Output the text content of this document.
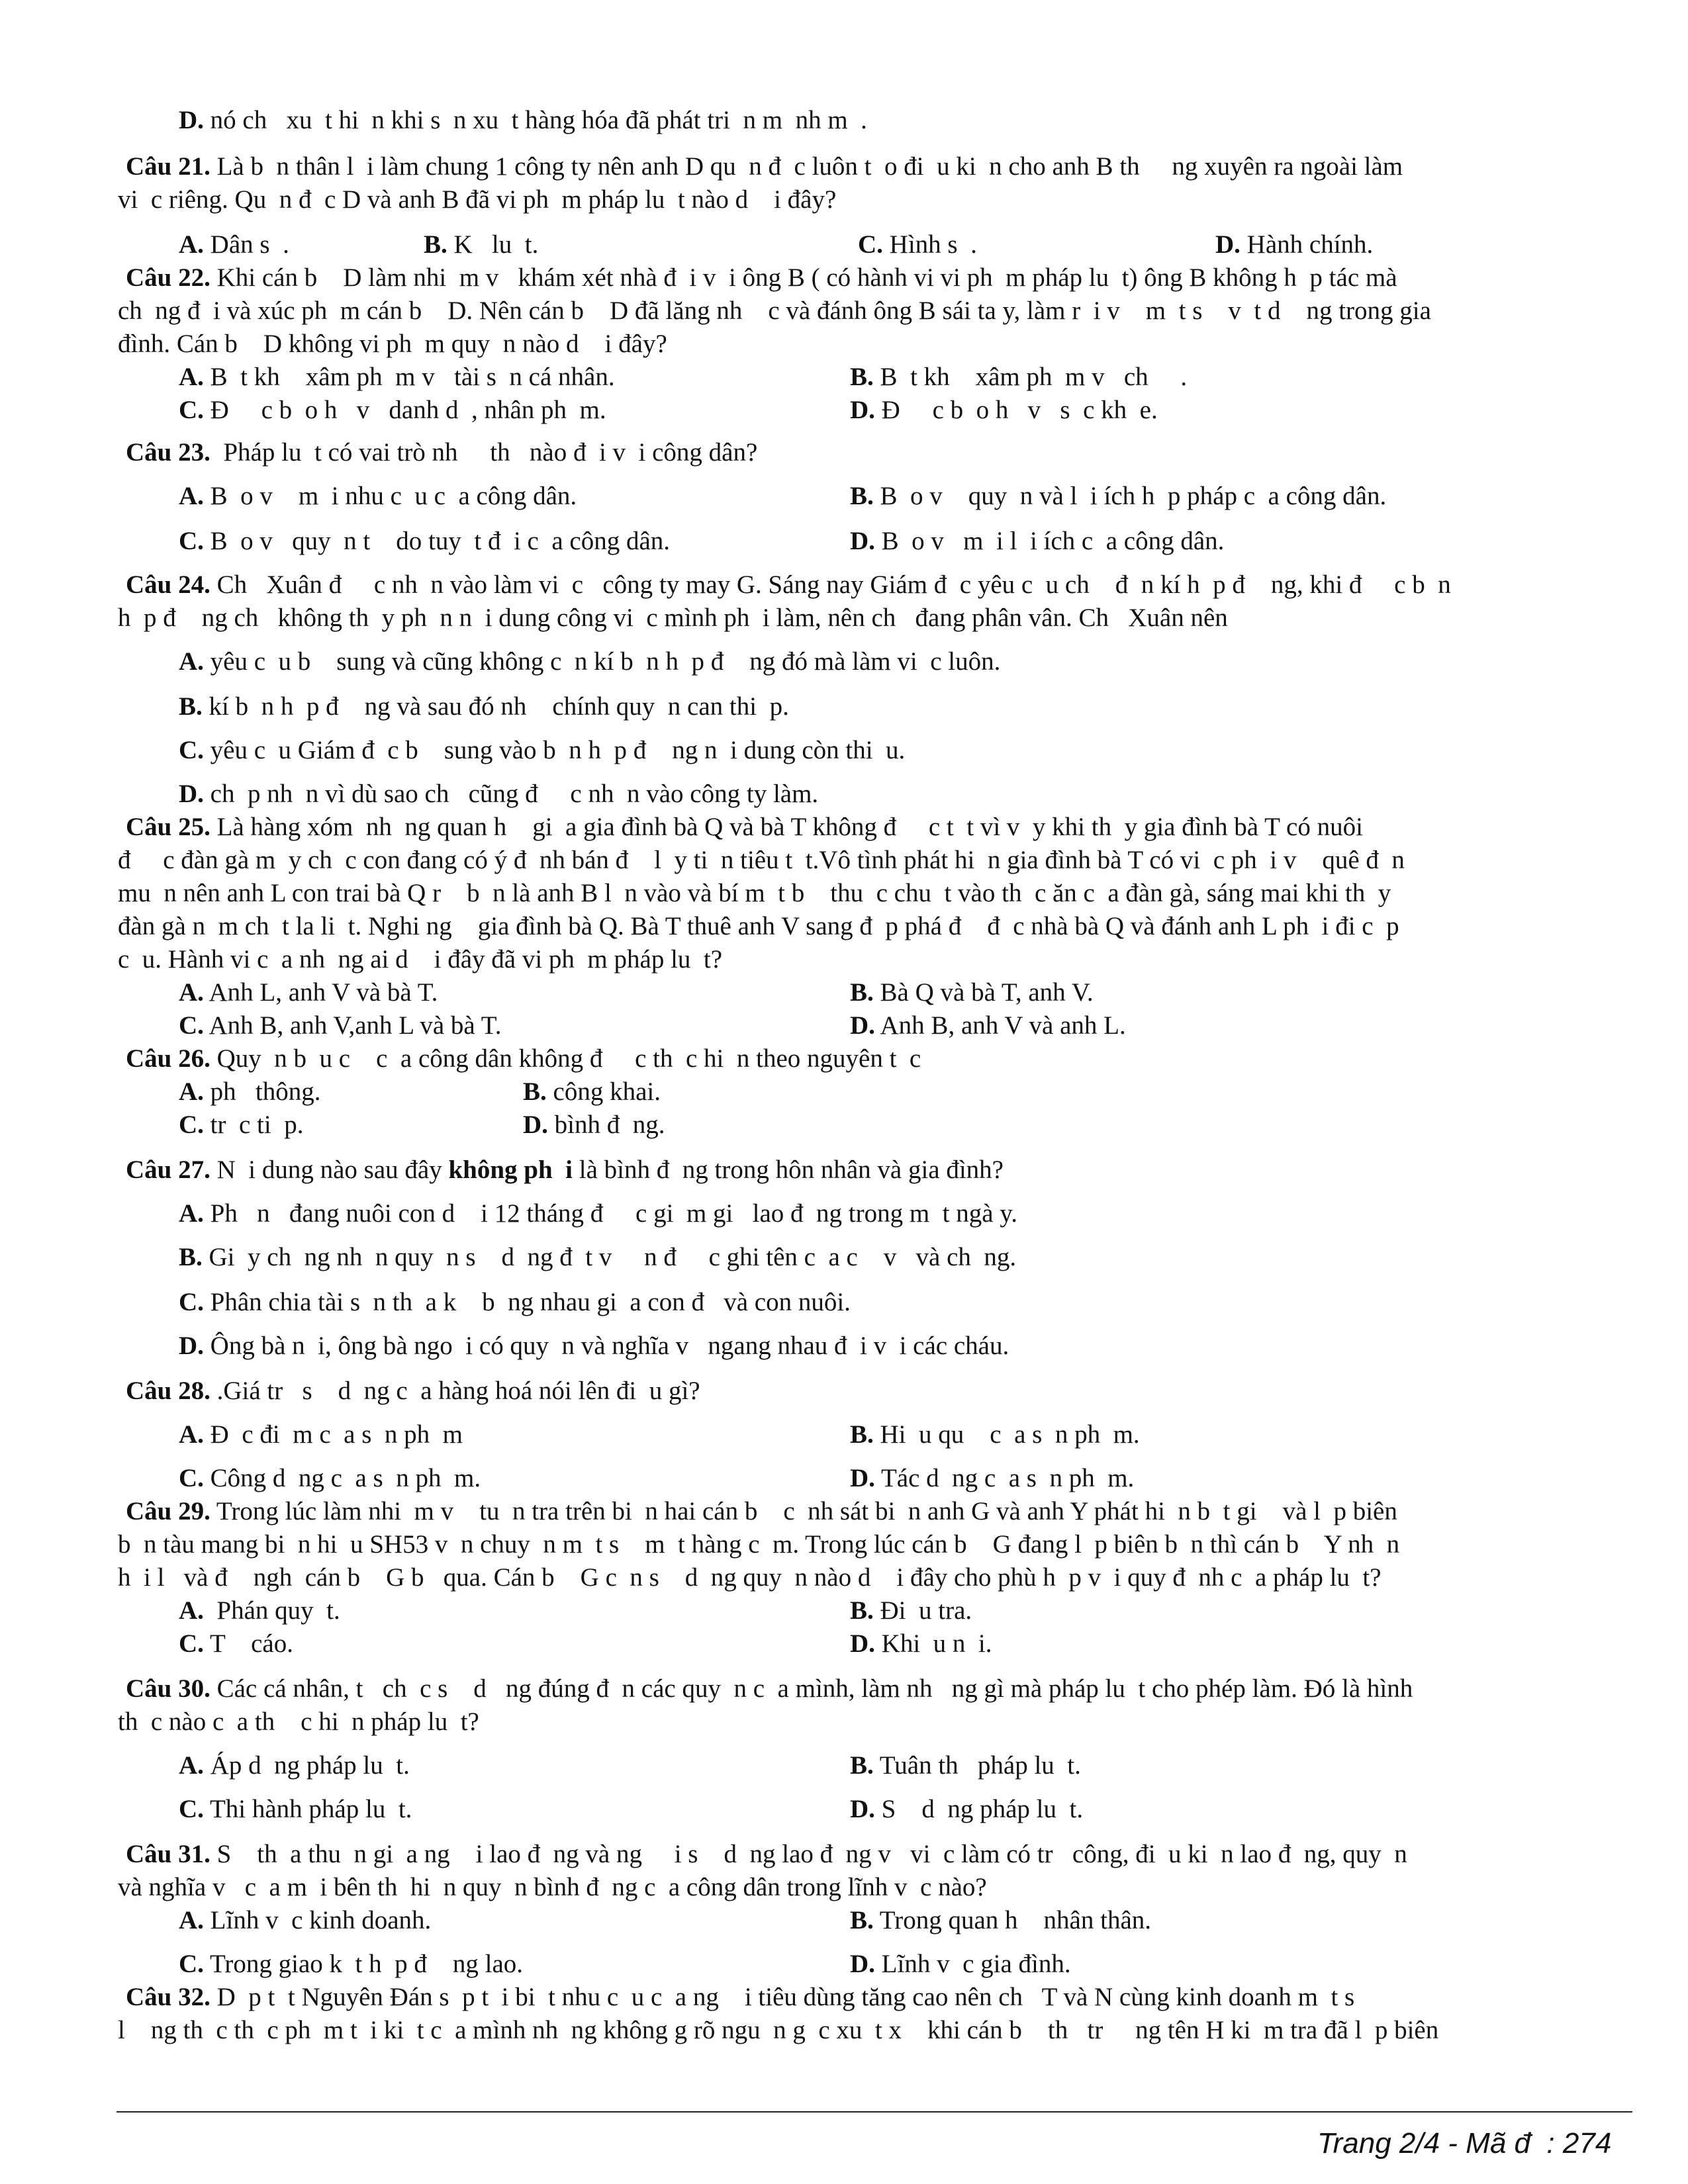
D. nó ch   xu  t hi  n khi s  n xu  t hàng hóa đã phát tri  n m  nh m  .
Câu 21. Là b  n thân l  i làm chung 1 công ty nên anh D qu  n đ  c luôn t  o đi  u ki  n cho anh B th     ng xuyên ra ngoài làm
vi  c riêng. Qu  n đ  c D và anh B đã vi ph  m pháp lu  t nào d    i đây?
A. Dân s  .	B. K   lu  t.	C. Hình s  .	D. Hành chính.
Câu 22. Khi cán b    D làm nhi  m v   khám xét nhà đ  i v  i ông B ( có hành vi vi ph  m pháp lu  t) ông B không h  p tác mà
ch  ng đ  i và xúc ph  m cán b    D. Nên cán b    D đã lăng nh    c và đánh ông B sái ta y, làm r  i v    m  t s    v  t d    ng trong gia
đình. Cán b    D không vi ph  m quy  n nào d    i đây?
A. B  t kh    xâm ph  m v   tài s  n cá nhân.	B. B  t kh    xâm ph  m v   ch     .
C. Đ     c b  o h   v   danh d  , nhân ph  m.	D. Đ     c b  o h   v   s  c kh  e.
Câu 23.  Pháp lu  t có vai trò nh     th   nào đ  i v  i công dân?
A. B  o v    m  i nhu c  u c  a công dân.	B. B  o v    quy  n và l  i ích h  p pháp c  a công dân.
C. B  o v   quy  n t    do tuy  t đ  i c  a công dân.	D. B  o v   m  i l  i ích c  a công dân.
Câu 24. Ch   Xuân đ     c nh  n vào làm vi  c   công ty may G. Sáng nay Giám đ  c yêu c  u ch    đ  n kí h  p đ    ng, khi đ     c b  n
h  p đ    ng ch   không th  y ph  n n  i dung công vi  c mình ph  i làm, nên ch   đang phân vân. Ch   Xuân nên
A. yêu c  u b    sung và cũng không c  n kí b  n h  p đ    ng đó mà làm vi  c luôn.
B. kí b  n h  p đ    ng và sau đó nh    chính quy  n can thi  p.
C. yêu c  u Giám đ  c b    sung vào b  n h  p đ    ng n  i dung còn thi  u.
D. ch  p nh  n vì dù sao ch   cũng đ     c nh  n vào công ty làm.
Câu 25. Là hàng xóm  nh  ng quan h    gi  a gia đình bà Q và bà T không đ     c t  t vì v  y khi th  y gia đình bà T có nuôi
đ     c đàn gà m  y ch  c con đang có ý đ  nh bán đ    l  y ti  n tiêu t  t.Vô tình phát hi  n gia đình bà T có vi  c ph  i v    quê đ  n
mu  n nên anh L con trai bà Q r    b  n là anh B l  n vào và bí m  t b    thu  c chu  t vào th  c ăn c  a đàn gà, sáng mai khi th  y
đàn gà n  m ch  t la li  t. Nghi ng    gia đình bà Q. Bà T thuê anh V sang đ  p phá đ    đ  c nhà bà Q và đánh anh L ph  i đi c  p
c  u. Hành vi c  a nh  ng ai d    i đây đã vi ph  m pháp lu  t?
A. Anh L, anh V và bà T.	B. Bà Q và bà T, anh V.
C. Anh B, anh V,anh L và bà T.	D. Anh B, anh V và anh L.
Câu 26. Quy  n b  u c    c  a công dân không đ     c th  c hi  n theo nguyên t  c
A. ph   thông.	B. công khai.
C. tr  c ti  p.	D. bình đ  ng.
Câu 27. N  i dung nào sau đây không ph  i là bình đ  ng trong hôn nhân và gia đình?
A. Ph   n   đang nuôi con d    i 12 tháng đ     c gi  m gi   lao đ  ng trong m  t ngà y.
B. Gi  y ch  ng nh  n quy  n s    d  ng đ  t v     n đ     c ghi tên c  a c    v   và ch  ng.
C. Phân chia tài s  n th  a k    b  ng nhau gi  a con đ   và con nuôi.
D. Ông bà n  i, ông bà ngo  i có quy  n và nghĩa v   ngang nhau đ  i v  i các cháu.
Câu 28. .Giá tr   s    d  ng c  a hàng hoá nói lên đi  u gì?
A. Đ  c đi  m c  a s  n ph  m	B. Hi  u qu    c  a s  n ph  m.
C. Công d  ng c  a s  n ph  m.	D. Tác d  ng c  a s  n ph  m.
Câu 29. Trong lúc làm nhi  m v    tu  n tra trên bi  n hai cán b    c  nh sát bi  n anh G và anh Y phát hi  n b  t gi    và l  p biên
b  n tàu mang bi  n hi  u SH53 v  n chuy  n m  t s    m  t hàng c  m. Trong lúc cán b    G đang l  p biên b  n thì cán b    Y nh  n
h  i l   và đ    ngh  cán b    G b   qua. Cán b    G c  n s    d  ng quy  n nào d    i đây cho phù h  p v  i quy đ  nh c  a pháp lu  t?
A.  Phán quy  t.	B. Đi  u tra.
C. T    cáo.	D. Khi  u n  i.
Câu 30. Các cá nhân, t   ch  c s    d   ng đúng đ  n các quy  n c  a mình, làm nh   ng gì mà pháp lu  t cho phép làm. Đó là hình
th  c nào c  a th    c hi  n pháp lu  t?
A. Áp d  ng pháp lu  t.	B. Tuân th   pháp lu  t.
C. Thi hành pháp lu  t.	D. S    d  ng pháp lu  t.
Câu 31. S    th  a thu  n gi  a ng    i lao đ  ng và ng     i s    d  ng lao đ  ng v   vi  c làm có tr   công, đi  u ki  n lao đ  ng, quy  n
và nghĩa v   c  a m  i bên th  hi  n quy  n bình đ  ng c  a công dân trong lĩnh v  c nào?
A. Lĩnh v  c kinh doanh.	B. Trong quan h    nhân thân.
C. Trong giao k  t h  p đ    ng lao.	D. Lĩnh v  c gia đình.
Câu 32. D  p t  t Nguyên Đán s  p t  i bi  t nhu c  u c  a ng    i tiêu dùng tăng cao nên ch   T và N cùng kinh doanh m  t s
l    ng th  c th  c ph  m t  i ki  t c  a mình nh  ng không g rõ ngu  n g  c xu  t x    khi cán b    th   tr     ng tên H ki  m tra đã l  p biên
Trang 2/4 - Mã đ  : 274
